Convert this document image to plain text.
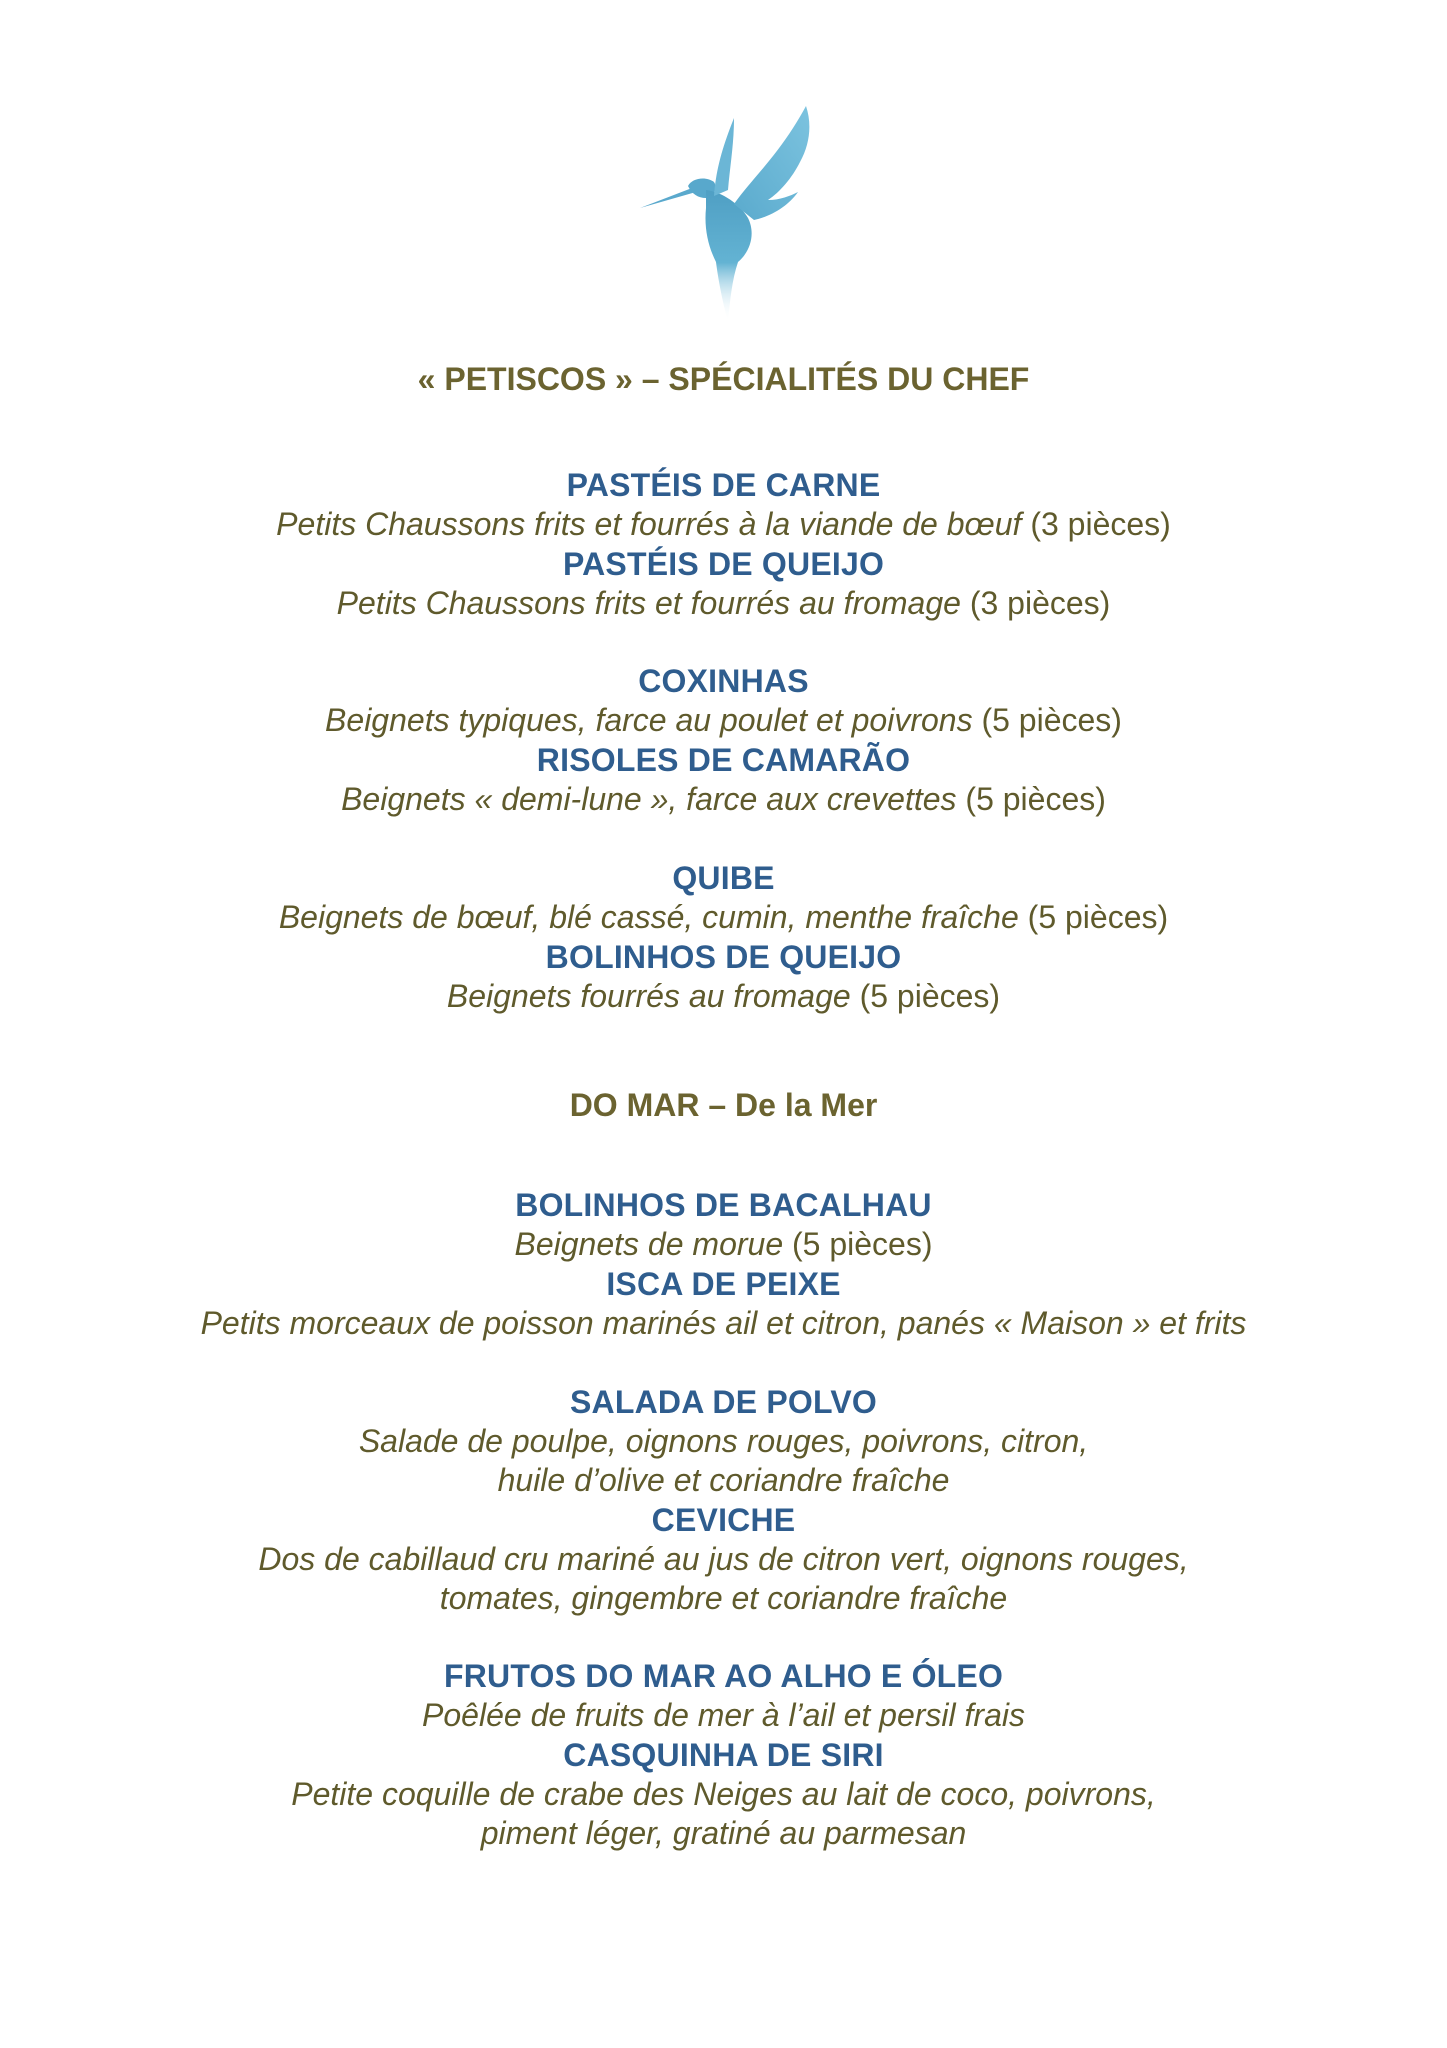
« PETISCOS » – SPÉCIALITÉS DU CHEF
PASTÉIS DE CARNE
Petits Chaussons frits et fourrés à la viande de bœuf (3 pièces)
PASTÉIS DE QUEIJO
Petits Chaussons frits et fourrés au fromage (3 pièces)
COXINHAS
Beignets typiques, farce au poulet et poivrons (5 pièces)
RISOLES DE CAMARÃO
Beignets « demi-lune », farce aux crevettes (5 pièces)
QUIBE
Beignets de bœuf, blé cassé, cumin, menthe fraîche (5 pièces)
BOLINHOS DE QUEIJO
Beignets fourrés au fromage (5 pièces)
DO MAR – De la Mer
BOLINHOS DE BACALHAU
Beignets de morue (5 pièces)
ISCA DE PEIXE
Petits morceaux de poisson marinés ail et citron, panés « Maison » et frits
SALADA DE POLVO
Salade de poulpe, oignons rouges, poivrons, citron,
huile d’olive et coriandre fraîche
CEVICHE
Dos de cabillaud cru mariné au jus de citron vert, oignons rouges,
tomates, gingembre et coriandre fraîche
FRUTOS DO MAR AO ALHO E ÓLEO
Poêlée de fruits de mer à l’ail et persil frais
CASQUINHA DE SIRI
Petite coquille de crabe des Neiges au lait de coco, poivrons,
piment léger, gratiné au parmesan
